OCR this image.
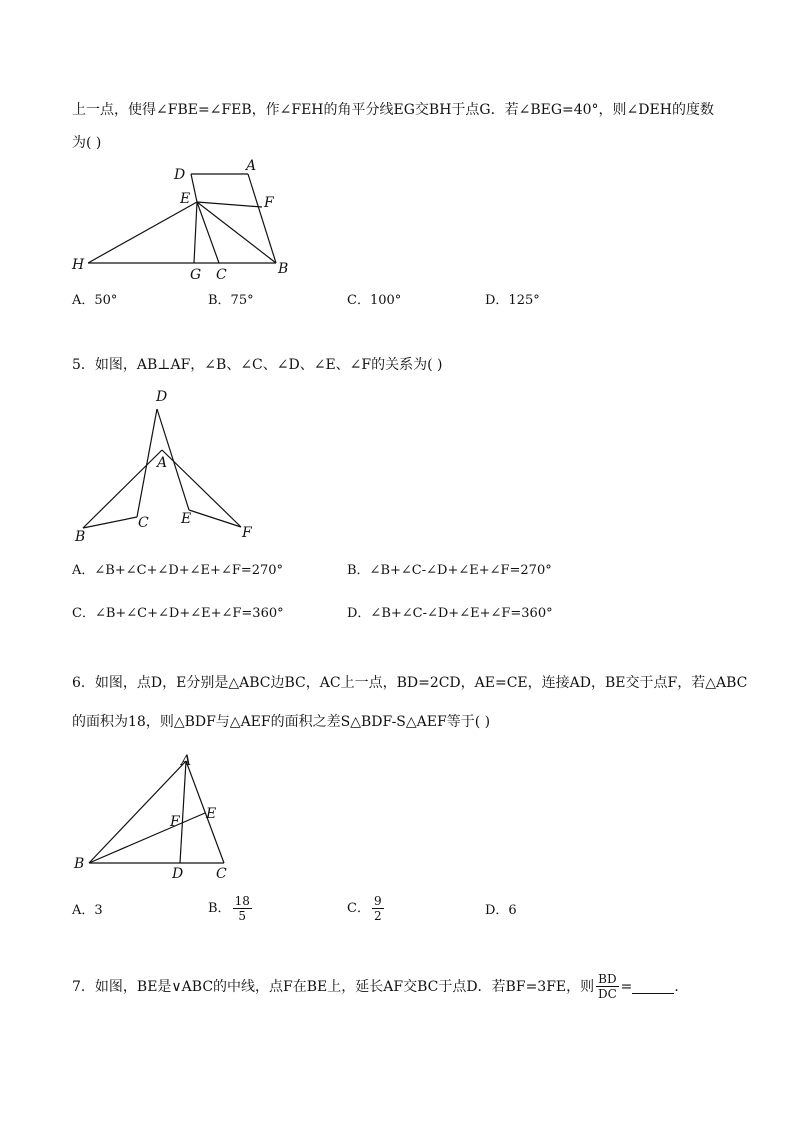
上一点，使得∠FBE=∠FEB，作∠FEH的角平分线EG交BH于点G．若∠BEG=40°，则∠DEH的度数
为( )
D
A
E	F
H
G C	B
A．50°	B．75°	C．100°	D．125°
5．如图，AB⊥AF，∠B、∠C、∠D、∠E、∠F的关系为( )
D
A
B
C E
F
A．∠B+∠C+∠D+∠E+∠F=270°	B．∠B+∠C-∠D+∠E+∠F=270°
C．∠B+∠C+∠D+∠E+∠F=360°	D．∠B+∠C-∠D+∠E+∠F=360°
6．如图，点D，E分别是△ABC边BC，AC上一点，BD=2CD，AE=CE，连接AD，BE交于点F，若△ABC
的面积为18，则△BDF与△AEF的面积之差S△BDF-S△AEF等于( )
A
E
F
B
D C
A．3	B． $\frac{18}{5}$	C． $\frac{9}{2}$	D．6
7．如图，BE是∨ABC的中线，点F在BE上，延长AF交BC于点D．若BF=3FE，则 $\frac{BD}{DC}$ =	．
